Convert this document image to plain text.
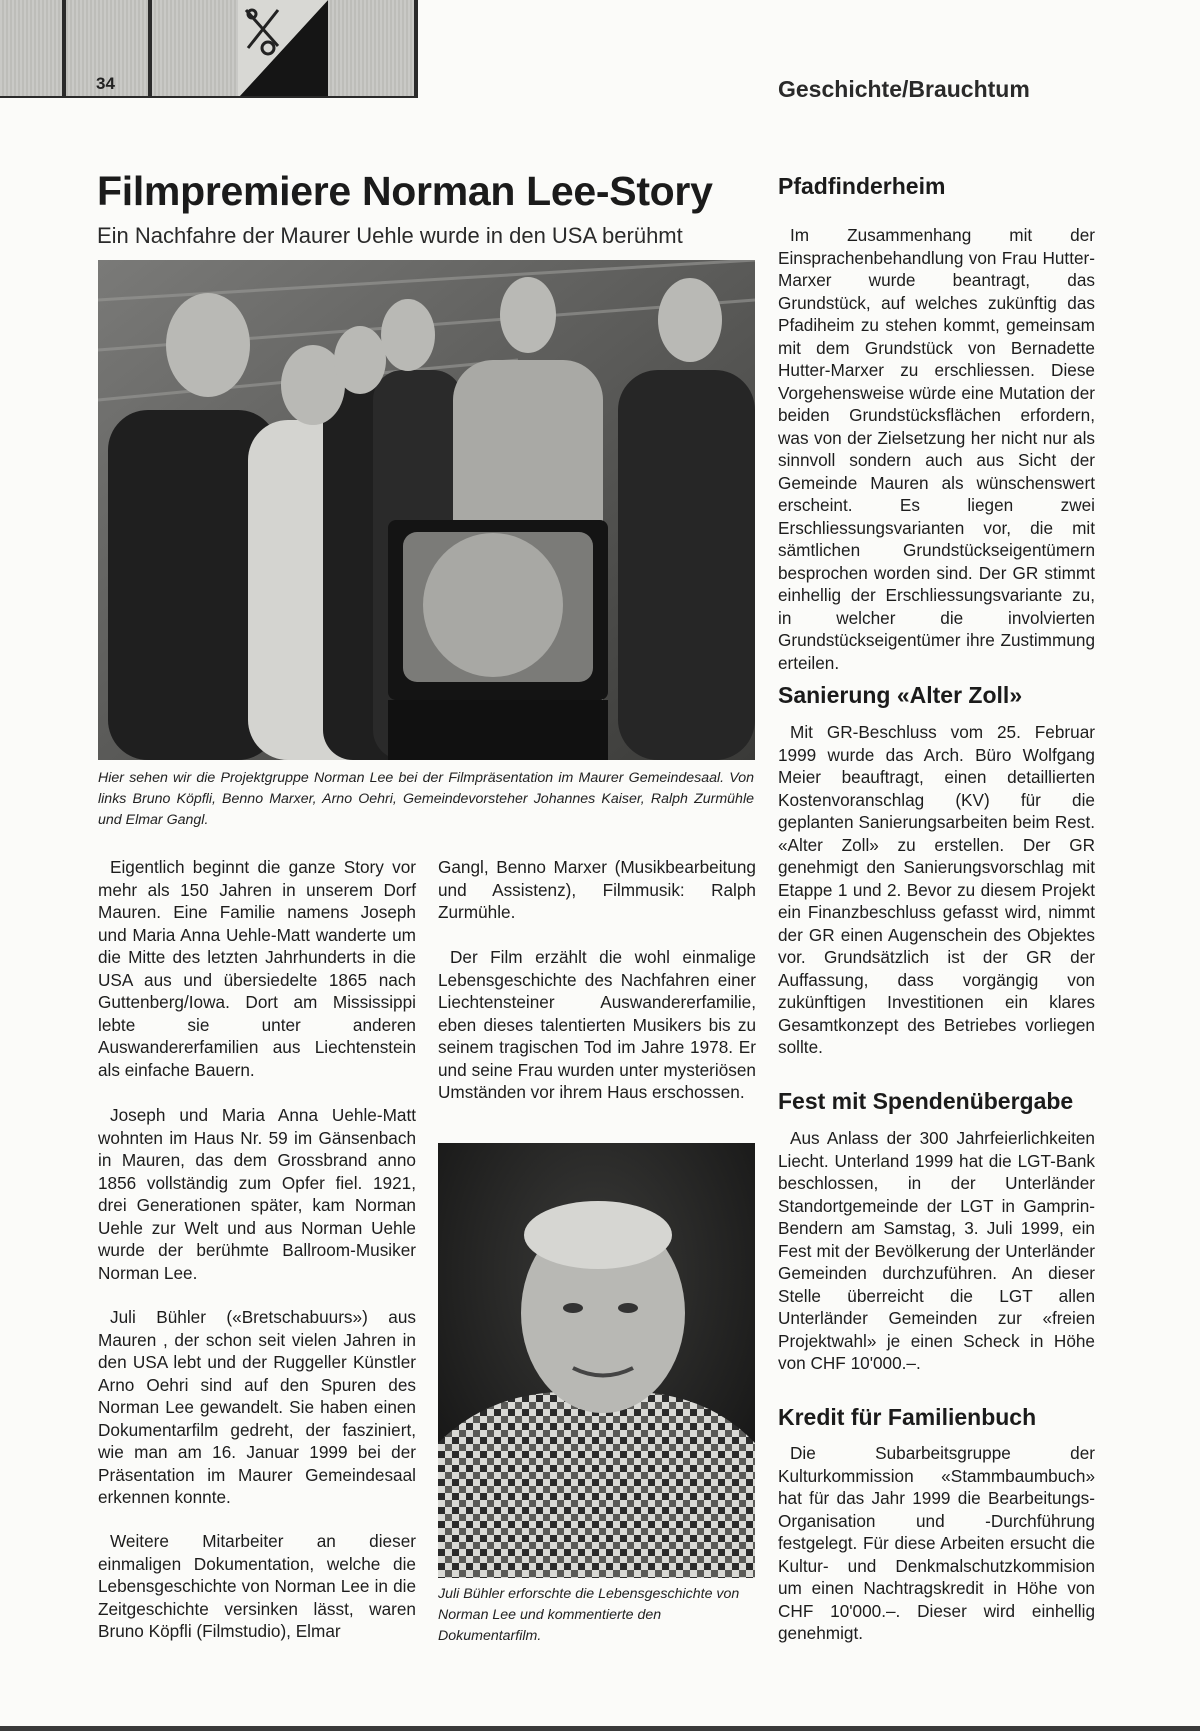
34	Geschichte/Brauchtum
Filmpremiere Norman Lee-Story

Ein Nachfahre der Maurer Uehle wurde in den USA berühmt

Hier sehen wir die Projektgruppe Norman Lee bei der Filmpräsentation im Maurer Gemeindesaal. Von links Bruno Köpfli, Benno Marxer, Arno Oehri, Gemeindevorsteher Johannes Kaiser, Ralph Zurmühle und Elmar Gangl.

Eigentlich beginnt die ganze Story vor mehr als 150 Jahren in unserem Dorf Mauren. Eine Familie namens Joseph und Maria Anna Uehle-Matt wanderte um die Mitte des letzten Jahrhunderts in die USA aus und übersiedelte 1865 nach Guttenberg/Iowa. Dort am Mississippi lebte sie unter anderen Auswandererfamilien aus Liechtenstein als einfache Bauern.

Joseph und Maria Anna Uehle-Matt wohnten im Haus Nr. 59 im Gänsenbach in Mauren, das dem Grossbrand anno 1856 vollständig zum Opfer fiel. 1921, drei Generationen später, kam Norman Uehle zur Welt und aus Norman Uehle wurde der berühmte Ballroom-Musiker Norman Lee.

Juli Bühler («Bretschabuurs») aus Mauren , der schon seit vielen Jahren in den USA lebt und der Ruggeller Künstler Arno Oehri sind auf den Spuren des Norman Lee gewandelt. Sie haben einen Dokumentarfilm gedreht, der fasziniert, wie man am 16. Januar 1999 bei der Präsentation im Maurer Gemeindesaal erkennen konnte.

Weitere Mitarbeiter an dieser einmaligen Dokumentation, welche die Lebensgeschichte von Norman Lee in die Zeitgeschichte versinken lässt, waren Bruno Köpfli (Filmstudio), Elmar

Gangl, Benno Marxer (Musikbearbeitung und Assistenz), Filmmusik: Ralph Zurmühle.

Der Film erzählt die wohl einmalige Lebensgeschichte des Nachfahren einer Liechtensteiner Auswandererfamilie, eben dieses talentierten Musikers bis zu seinem tragischen Tod im Jahre 1978. Er und seine Frau wurden unter mysteriösen Umständen vor ihrem Haus erschossen.

Juli Bühler erforschte die Lebensgeschichte von Norman Lee und kommentierte den Dokumentarfilm.

Pfadfinderheim

Im Zusammenhang mit der Einsprachenbehandlung von Frau Hutter-Marxer wurde beantragt, das Grundstück, auf welches zukünftig das Pfadiheim zu stehen kommt, gemeinsam mit dem Grundstück von Bernadette Hutter-Marxer zu erschliessen. Diese Vorgehensweise würde eine Mutation der beiden Grundstücksflächen erfordern, was von der Zielsetzung her nicht nur als sinnvoll sondern auch aus Sicht der Gemeinde Mauren als wünschenswert erscheint. Es liegen zwei Erschliessungsvarianten vor, die mit sämtlichen Grundstückseigentümern besprochen worden sind. Der GR stimmt einhellig der Erschliessungsvariante zu, in welcher die involvierten Grundstückseigentümer ihre Zustimmung erteilen.

Sanierung «Alter Zoll»

Mit GR-Beschluss vom 25. Februar 1999 wurde das Arch. Büro Wolfgang Meier beauftragt, einen detaillierten Kostenvoranschlag (KV) für die geplanten Sanierungsarbeiten beim Rest. «Alter Zoll» zu erstellen. Der GR genehmigt den Sanierungsvorschlag mit Etappe 1 und 2. Bevor zu diesem Projekt ein Finanzbeschluss gefasst wird, nimmt der GR einen Augenschein des Objektes vor. Grundsätzlich ist der GR der Auffassung, dass vorgängig von zukünftigen Investitionen ein klares Gesamtkonzept des Betriebes vorliegen sollte.

Fest mit Spendenübergabe

Aus Anlass der 300 Jahrfeierlichkeiten Liecht. Unterland 1999 hat die LGT-Bank beschlossen, in der Unterländer Standortgemeinde der LGT in Gamprin-Bendern am Samstag, 3. Juli 1999, ein Fest mit der Bevölkerung der Unterländer Gemeinden durchzuführen. An dieser Stelle überreicht die LGT allen Unterländer Gemeinden zur «freien Projektwahl» je einen Scheck in Höhe von CHF 10'000.–.

Kredit für Familienbuch

Die Subarbeitsgruppe der Kulturkommission «Stammbaumbuch» hat für das Jahr 1999 die Bearbeitungs-Organisation und -Durchführung festgelegt. Für diese Arbeiten ersucht die Kultur- und Denkmalschutzkommision um einen Nachtragskredit in Höhe von CHF 10'000.–. Dieser wird einhellig genehmigt.
